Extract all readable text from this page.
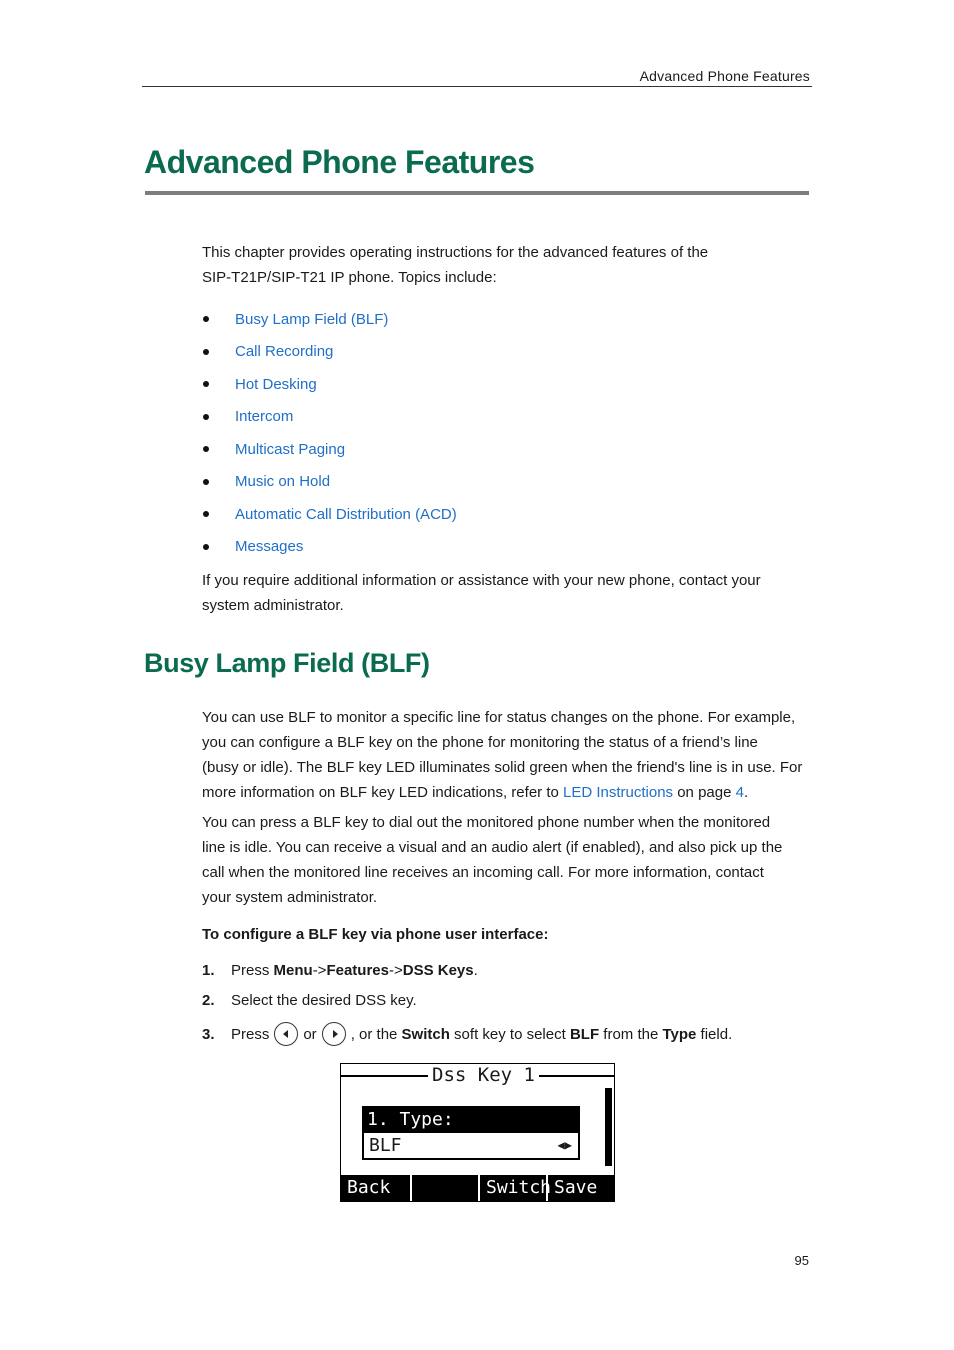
Advanced Phone Features
Advanced Phone Features
This chapter provides operating instructions for the advanced features of the
SIP-T21P/SIP-T21 IP phone. Topics include:
Busy Lamp Field (BLF)
Call Recording
Hot Desking
Intercom
Multicast Paging
Music on Hold
Automatic Call Distribution (ACD)
Messages
If you require additional information or assistance with your new phone, contact your
system administrator.
Busy Lamp Field (BLF)
You can use BLF to monitor a specific line for status changes on the phone. For example,
you can configure a BLF key on the phone for monitoring the status of a friend’s line
(busy or idle). The BLF key LED illuminates solid green when the friend's line is in use. For
more information on BLF key LED indications, refer to LED Instructions on page 4.
You can press a BLF key to dial out the monitored phone number when the monitored
line is idle. You can receive a visual and an audio alert (if enabled), and also pick up the
call when the monitored line receives an incoming call. For more information, contact
your system administrator.
To configure a BLF key via phone user interface:
1.	Press Menu -> Features -> DSS Keys .
2.	Select the desired DSS key.
3.	Press or , or the Switch soft key to select BLF from the Type field.
Dss Key 1
1. Type:
BLF	◀▶
Back	Switch Save
95
